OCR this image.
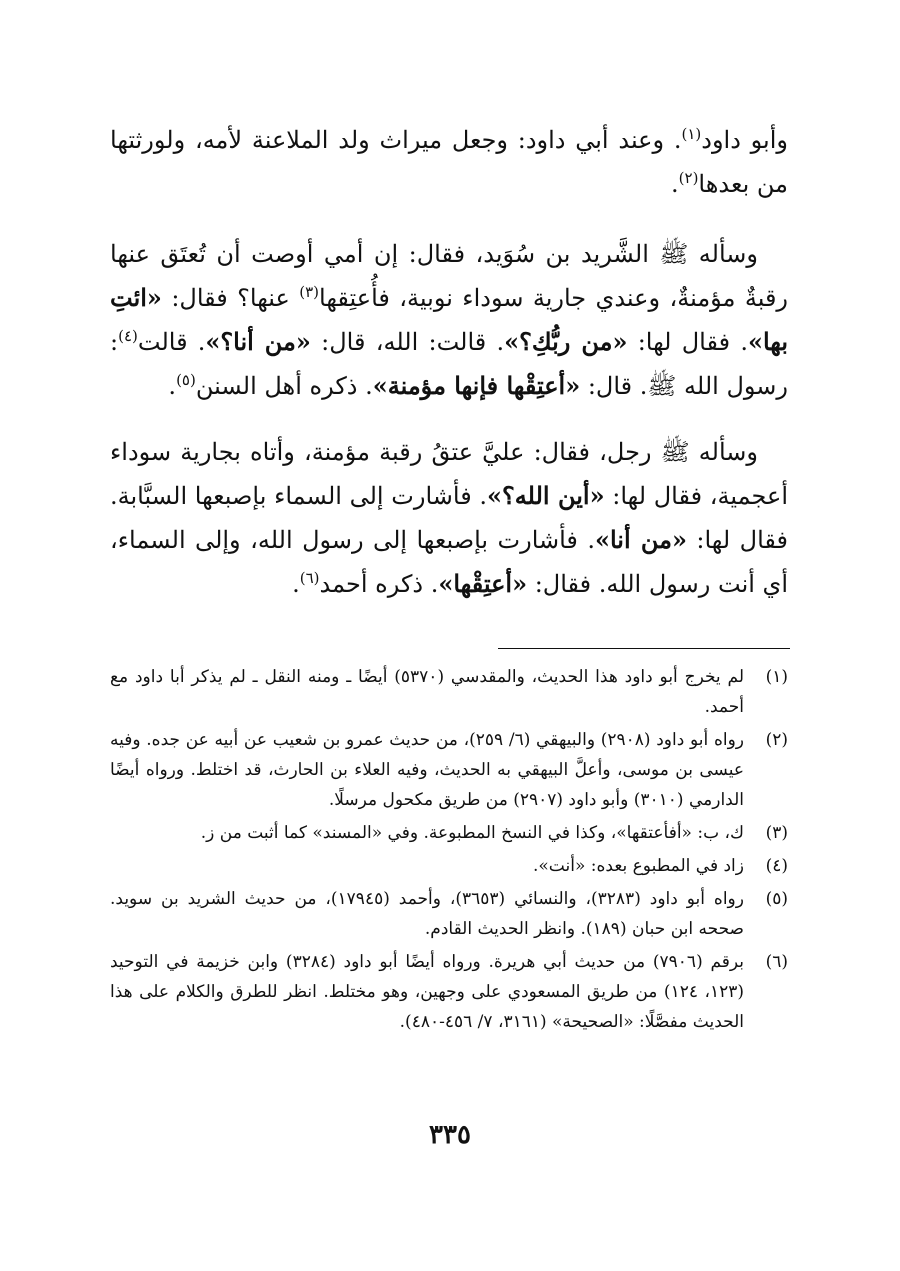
وأبو داود$^{(١)}$. وعند أبي داود: وجعل ميراث ولد الملاعنة لأمه، ولورثتها من بعدها$^{(٢)}$.

وسأله ﷺ الشَّريد بن سُوَيد، فقال: إن أمي أوصت أن تُعتَق عنها رقبةٌ مؤمنةٌ، وعندي جارية سوداء نوبية، فأُعتِقها$^{(٣)}$ عنها؟ فقال: «ائتِ بها». فقال لها: «من ربُّكِ؟». قالت: الله، قال: «من أنا؟». قالت$^{(٤)}$: رسول الله ﷺ. قال: «أعتِقْها فإنها مؤمنة». ذكره أهل السنن$^{(٥)}$.

وسأله ﷺ رجل، فقال: عليَّ عتقُ رقبة مؤمنة، وأتاه بجارية سوداء أعجمية، فقال لها: «أين الله؟». فأشارت إلى السماء بإصبعها السبَّابة. فقال لها: «من أنا». فأشارت بإصبعها إلى رسول الله، وإلى السماء، أي أنت رسول الله. فقال: «أعتِقْها». ذكره أحمد$^{(٦)}$.

(١)
لم يخرج أبو داود هذا الحديث، والمقدسي (٥٣٧٠) أيضًا ـ ومنه النقل ـ لم يذكر أبا داود مع أحمد.
(٢)
رواه أبو داود (٢٩٠٨) والبيهقي (٦/ ٢٥٩)، من حديث عمرو بن شعيب عن أبيه عن جده. وفيه عيسى بن موسى، وأعلَّ البيهقي به الحديث، وفيه العلاء بن الحارث، قد اختلط. ورواه أيضًا الدارمي (٣٠١٠) وأبو داود (٢٩٠٧) من طريق مكحول مرسلًا.
(٣)
ك، ب: «أفأعتقها»، وكذا في النسخ المطبوعة. وفي «المسند» كما أثبت من ز.
(٤)
زاد في المطبوع بعده: «أنت».
(٥)
رواه أبو داود (٣٢٨٣)، والنسائي (٣٦٥٣)، وأحمد (١٧٩٤٥)، من حديث الشريد بن سويد. صححه ابن حبان (١٨٩). وانظر الحديث القادم.
(٦)
برقم (٧٩٠٦) من حديث أبي هريرة. ورواه أيضًا أبو داود (٣٢٨٤) وابن خزيمة في التوحيد (١٢٣، ١٢٤) من طريق المسعودي على وجهين، وهو مختلط. انظر للطرق والكلام على هذا الحديث مفصَّلًا: «الصحيحة» (٣١٦١، ٧/ ٤٥٦-٤٨٠).
٣٣٥
